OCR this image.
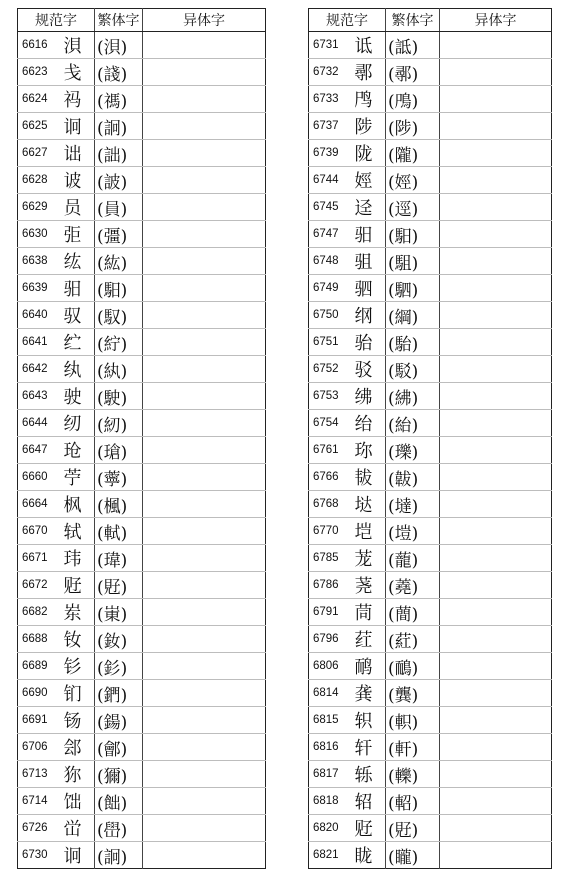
规范字		繁体字	异体字
6616	浿	(浿)	
6623	戋	(諓)	
6624	祃	(禡)	
6625	诇	(詗)	
6627	诎	(詘)	
6628	诐	(詖)	
6629	员	(員)	
6630	弡	(彊)	
6638	纮	(紘)	
6639	驲	(馹)	
6640	驭	(馭)	
6641	纻	(紵)	
6642	纨	(紈)	
6643	驶	(駛)	
6644	纫	(紉)	
6647	玱	(瑲)	
6660	苧	(薴)	
6664	枫	(楓)	
6670	轼	(軾)	
6671	玮	(瑋)	
6672	觃	(覎)	
6682	岽	(崬)	
6688	钕	(釹)	
6689	钐	(釤)	
6690	钔	(鍆)	
6691	钖	(鍚)	
6706	郐	(鄶)	
6713	狝	(獮)	
6714	饳	(飿)	
6726	峃	(嶨)	
6730	诇	(詗)	
规范字		繁体字	异体字
6731	诋	(詆)	
6732	鄩	(鄩)	
6733	鸤	(鳲)	
6737	陟	(陟)	
6739	陇	(隴)	
6744	娙	(娙)	
6745	迳	(逕)	
6747	驲	(馹)	
6748	驵	(駔)	
6749	驷	(駟)	
6750	纲	(綱)	
6751	骀	(駘)	
6752	驳	(駁)	
6753	绋	(紼)	
6754	绐	(紿)	
6761	珎	(瓅)	
6766	韨	(韍)	
6768	垯	(墶)	
6770	垲	(塏)	
6785	茏	(蘢)	
6786	荛	(蕘)	
6791	茼	(蕳)	
6796	荭	(葒)	
6806	鸸	(鴯)	
6814	龚	(龔)	
6815	轵	(軹)	
6816	轩	(軒)	
6817	轹	(轢)	
6818	轺	(軺)	
6820	觃	(覎)	
6821	眬	(矓)	
